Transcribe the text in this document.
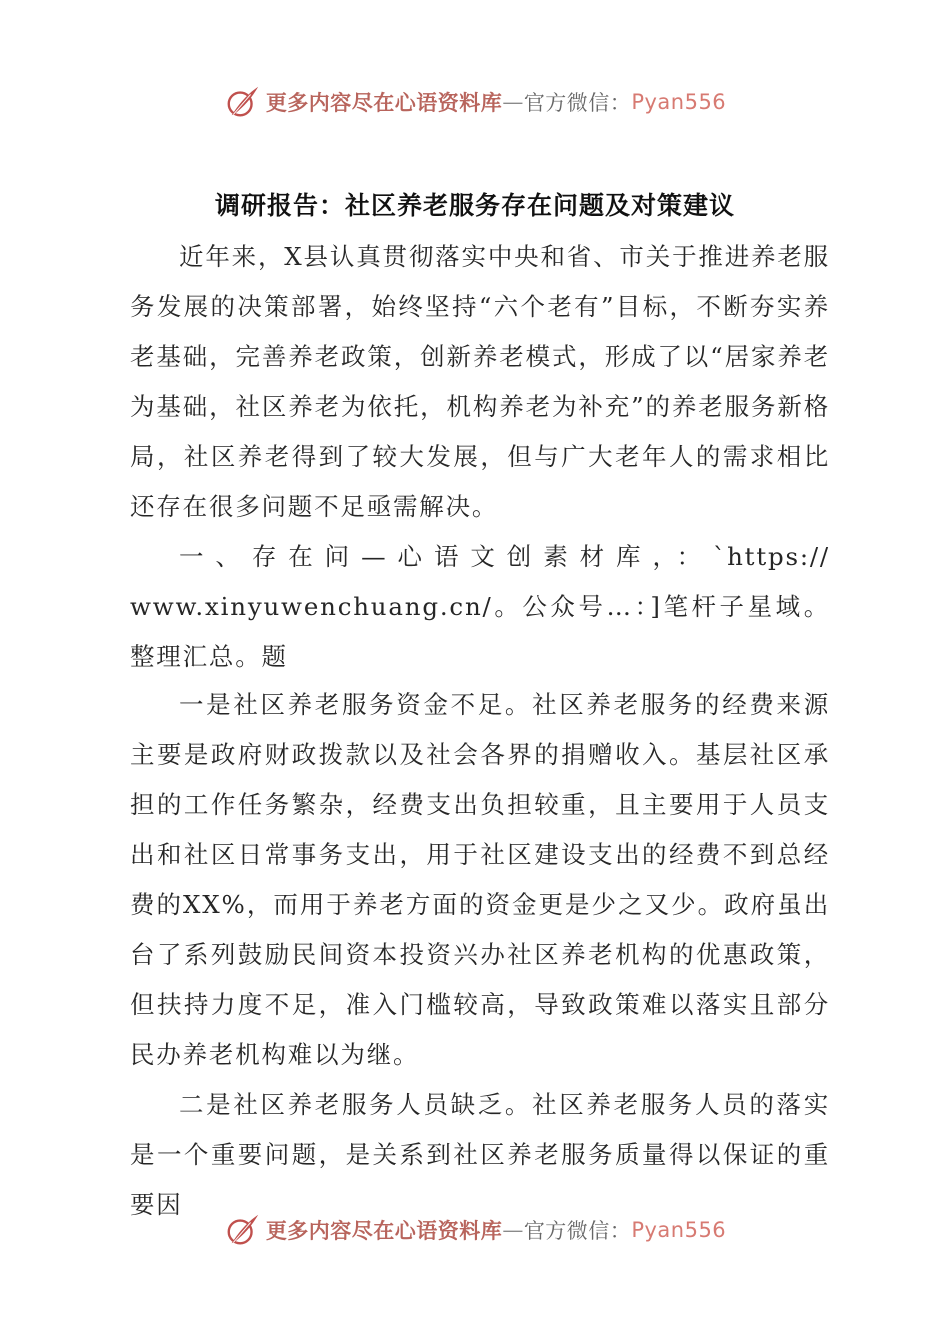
更多内容尽在心语资料库 — 官方微信： Pyan556
调研报告：社区养老服务存在问题及对策建议

近年来，X县认真贯彻落实中央和省、市关于推进养老服务发展的决策部署，始终坚持“六个老有”目标，不断夯实养老基础，完善养老政策，创新养老模式，形成了以“居家养老为基础，社区养老为依托，机构养老为补充”的养老服务新格局，社区养老得到了较大发展，但与广大老年人的需求相比还存在很多问题不足亟需解决。

一、存在问—心语文创素材库，：`https://

www.xinyuwenchuang.cn/。公众号…：]笔杆子星域。整理汇总。题

一是社区养老服务资金不足。社区养老服务的经费来源主要是政府财政拨款以及社会各界的捐赠收入。基层社区承担的工作任务繁杂，经费支出负担较重，且主要用于人员支出和社区日常事务支出，用于社区建设支出的经费不到总经费的XX%，而用于养老方面的资金更是少之又少。政府虽出台了系列鼓励民间资本投资兴办社区养老机构的优惠政策，但扶持力度不足，准入门槛较高，导致政策难以落实且部分民办养老机构难以为继。

二是社区养老服务人员缺乏。社区养老服务人员的落实是一个重要问题，是关系到社区养老服务质量得以保证的重要因

更多内容尽在心语资料库 — 官方微信： Pyan556
